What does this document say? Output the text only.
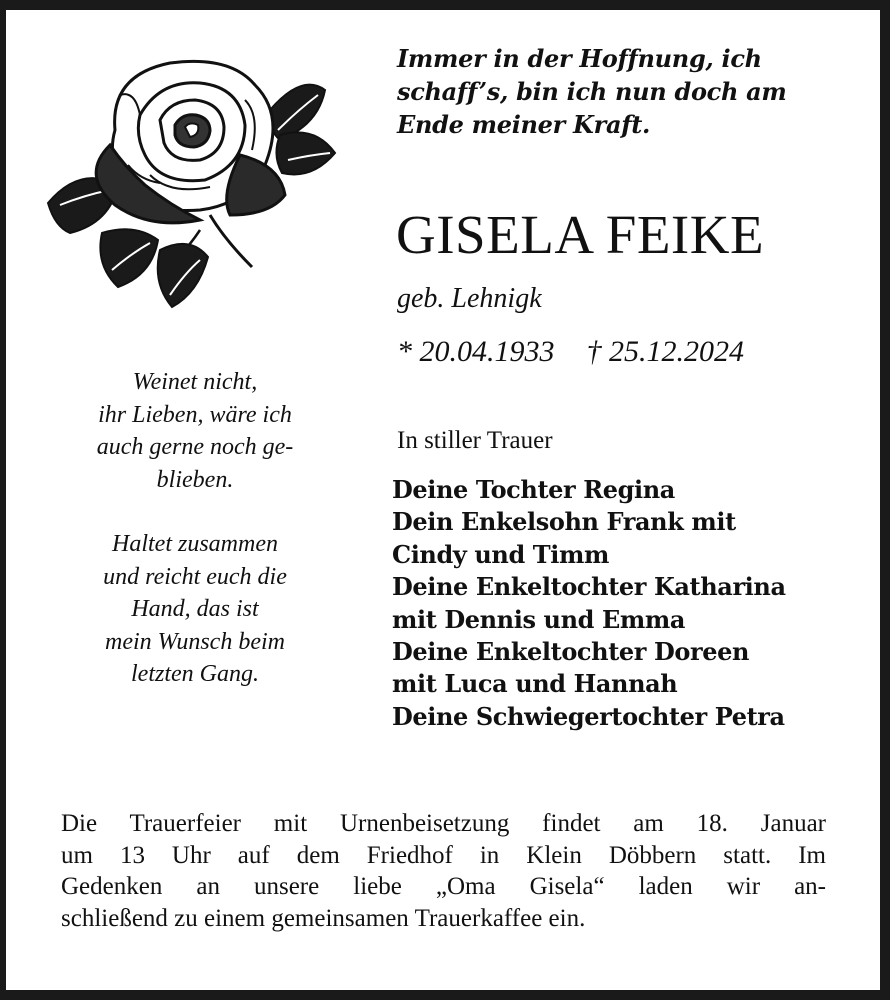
Immer in der Hoffnung, ich
schaff’s, bin ich nun doch am
Ende meiner Kraft.
GISELA FEIKE
geb. Lehnigk
* 20.04.1933 † 25.12.2024
Weinet nicht,
ihr Lieben, wäre ich
auch gerne noch ge-
blieben.
Haltet zusammen
und reicht euch die
Hand, das ist
mein Wunsch beim
letzten Gang.
In stiller Trauer
Deine Tochter Regina
Dein Enkelsohn Frank mit
Cindy und Timm
Deine Enkeltochter Katharina
mit Dennis und Emma
Deine Enkeltochter Doreen
mit Luca und Hannah
Deine Schwiegertochter Petra
Die Trauerfeier mit Urnenbeisetzung findet am 18. Januar
um 13 Uhr auf dem Friedhof in Klein Döbbern statt. Im
Gedenken an unsere liebe „Oma Gisela“ laden wir an-
schließend zu einem gemeinsamen Trauerkaffee ein.
